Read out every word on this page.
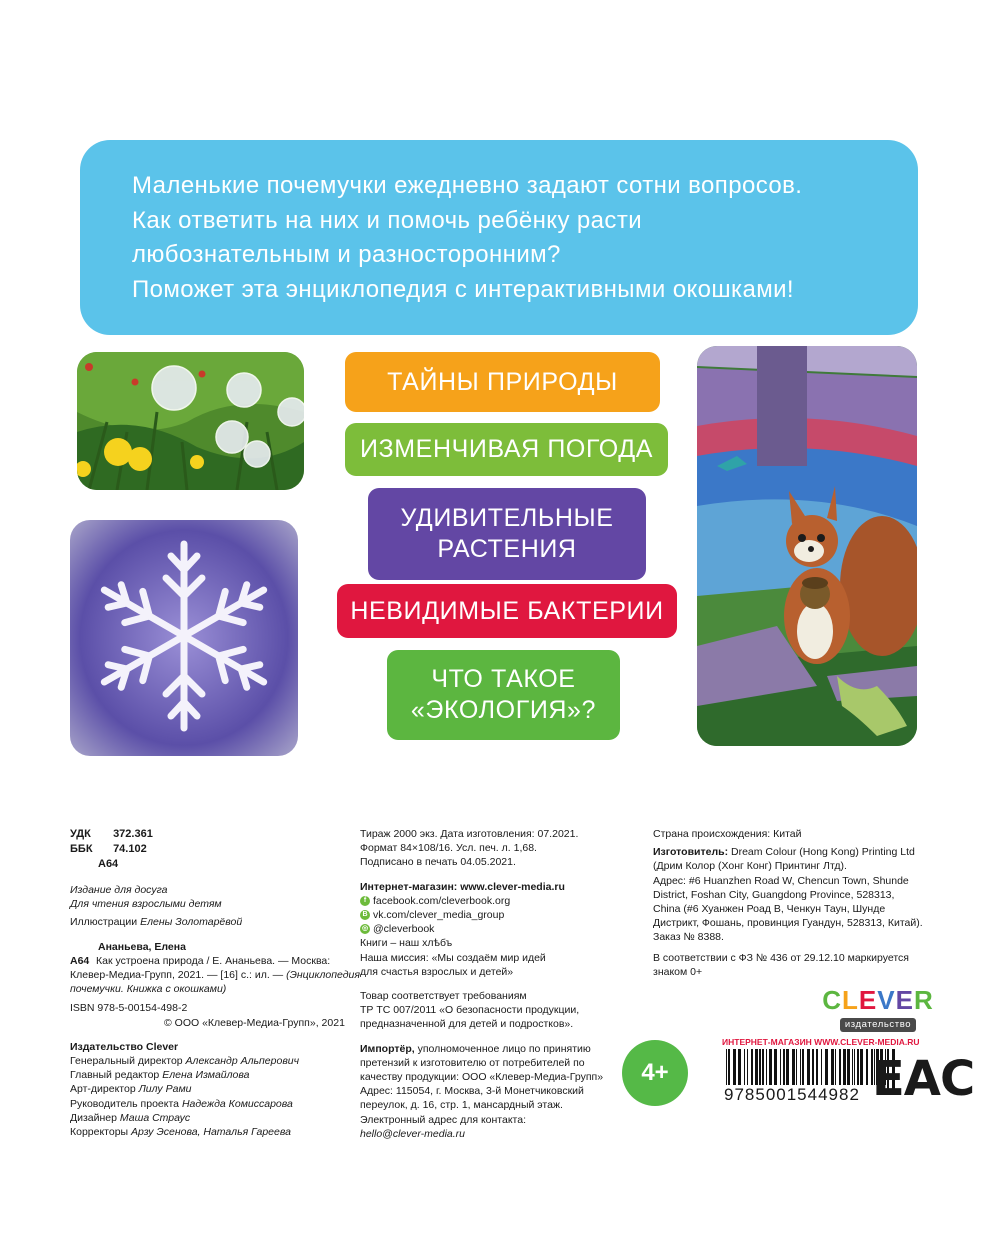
Маленькие почемучки ежедневно задают сотни вопросов.
Как ответить на них и помочь ребёнку расти
любознательным и разносторонним?
Поможет эта энциклопедия с интерактивными окошками!
ТАЙНЫ ПРИРОДЫ
ИЗМЕНЧИВАЯ ПОГОДА
УДИВИТЕЛЬНЫЕ
РАСТЕНИЯ
НЕВИДИМЫЕ БАКТЕРИИ
ЧТО ТАКОЕ
«ЭКОЛОГИЯ»?
УДК 372.361
ББК 74.102
А64
Издание для досуга
Для чтения взрослыми детям
Иллюстрации Елены Золотарёвой
Ананьева, Елена
А64 Как устроена природа / Е. Ананьева. — Москва:
Клевер-Медиа-Групп, 2021. — [16] с.: ил. — (Энциклопедия
почемучки. Книжка с окошками)
ISBN 978-5-00154-498-2
© ООО «Клевер-Медиа-Групп», 2021
Издательство Clever
Генеральный директор Александр Альперович
Главный редактор Елена Измайлова
Арт-директор Лилу Рами
Руководитель проекта Надежда Комиссарова
Дизайнер Маша Страус
Корректоры Арзу Эсенова, Наталья Гареева
Тираж 2000 экз. Дата изготовления: 07.2021.
Формат 84×108/16. Усл. печ. л. 1,68.
Подписано в печать 04.05.2021.
Интернет-магазин: www.clever-media.ru
f facebook.com/cleverbook.org
B vk.com/clever_media_group
◎ @cleverbook
Книги – наш хлѣбъ
Наша миссия: «Мы создаём мир идей
для счастья взрослых и детей»
Товар соответствует требованиям
ТР ТС 007/2011 «О безопасности продукции,
предназначенной для детей и подростков».
Импортёр, уполномоченное лицо по принятию
претензий к изготовителю от потребителей по
качеству продукции: ООО «Клевер-Медиа-Групп»
Адрес: 115054, г. Москва, 3-й Монетчиковский
переулок, д. 16, стр. 1, мансардный этаж.
Электронный адрес для контакта:
hello@clever-media.ru
Страна происхождения: Китай
Изготовитель: Dream Colour (Hong Kong) Printing Ltd
(Дрим Колор (Хонг Конг) Принтинг Лтд).
Адрес: #6 Huanzhen Road W, Chencun Town, Shunde
District, Foshan City, Guangdong Province, 528313,
China (#6 Хуанжен Роад В, Ченкун Таун, Шунде
Дистрикт, Фошань, провинция Гуандун, 528313, Китай).
Заказ № 8388.
В соответствии с ФЗ № 436 от 29.12.10 маркируется
знаком 0+
4+
CLEVER
издательство
ИНТЕРНЕТ-МАГАЗИН WWW.CLEVER-MEDIA.RU
9785001544982 ЕАС
